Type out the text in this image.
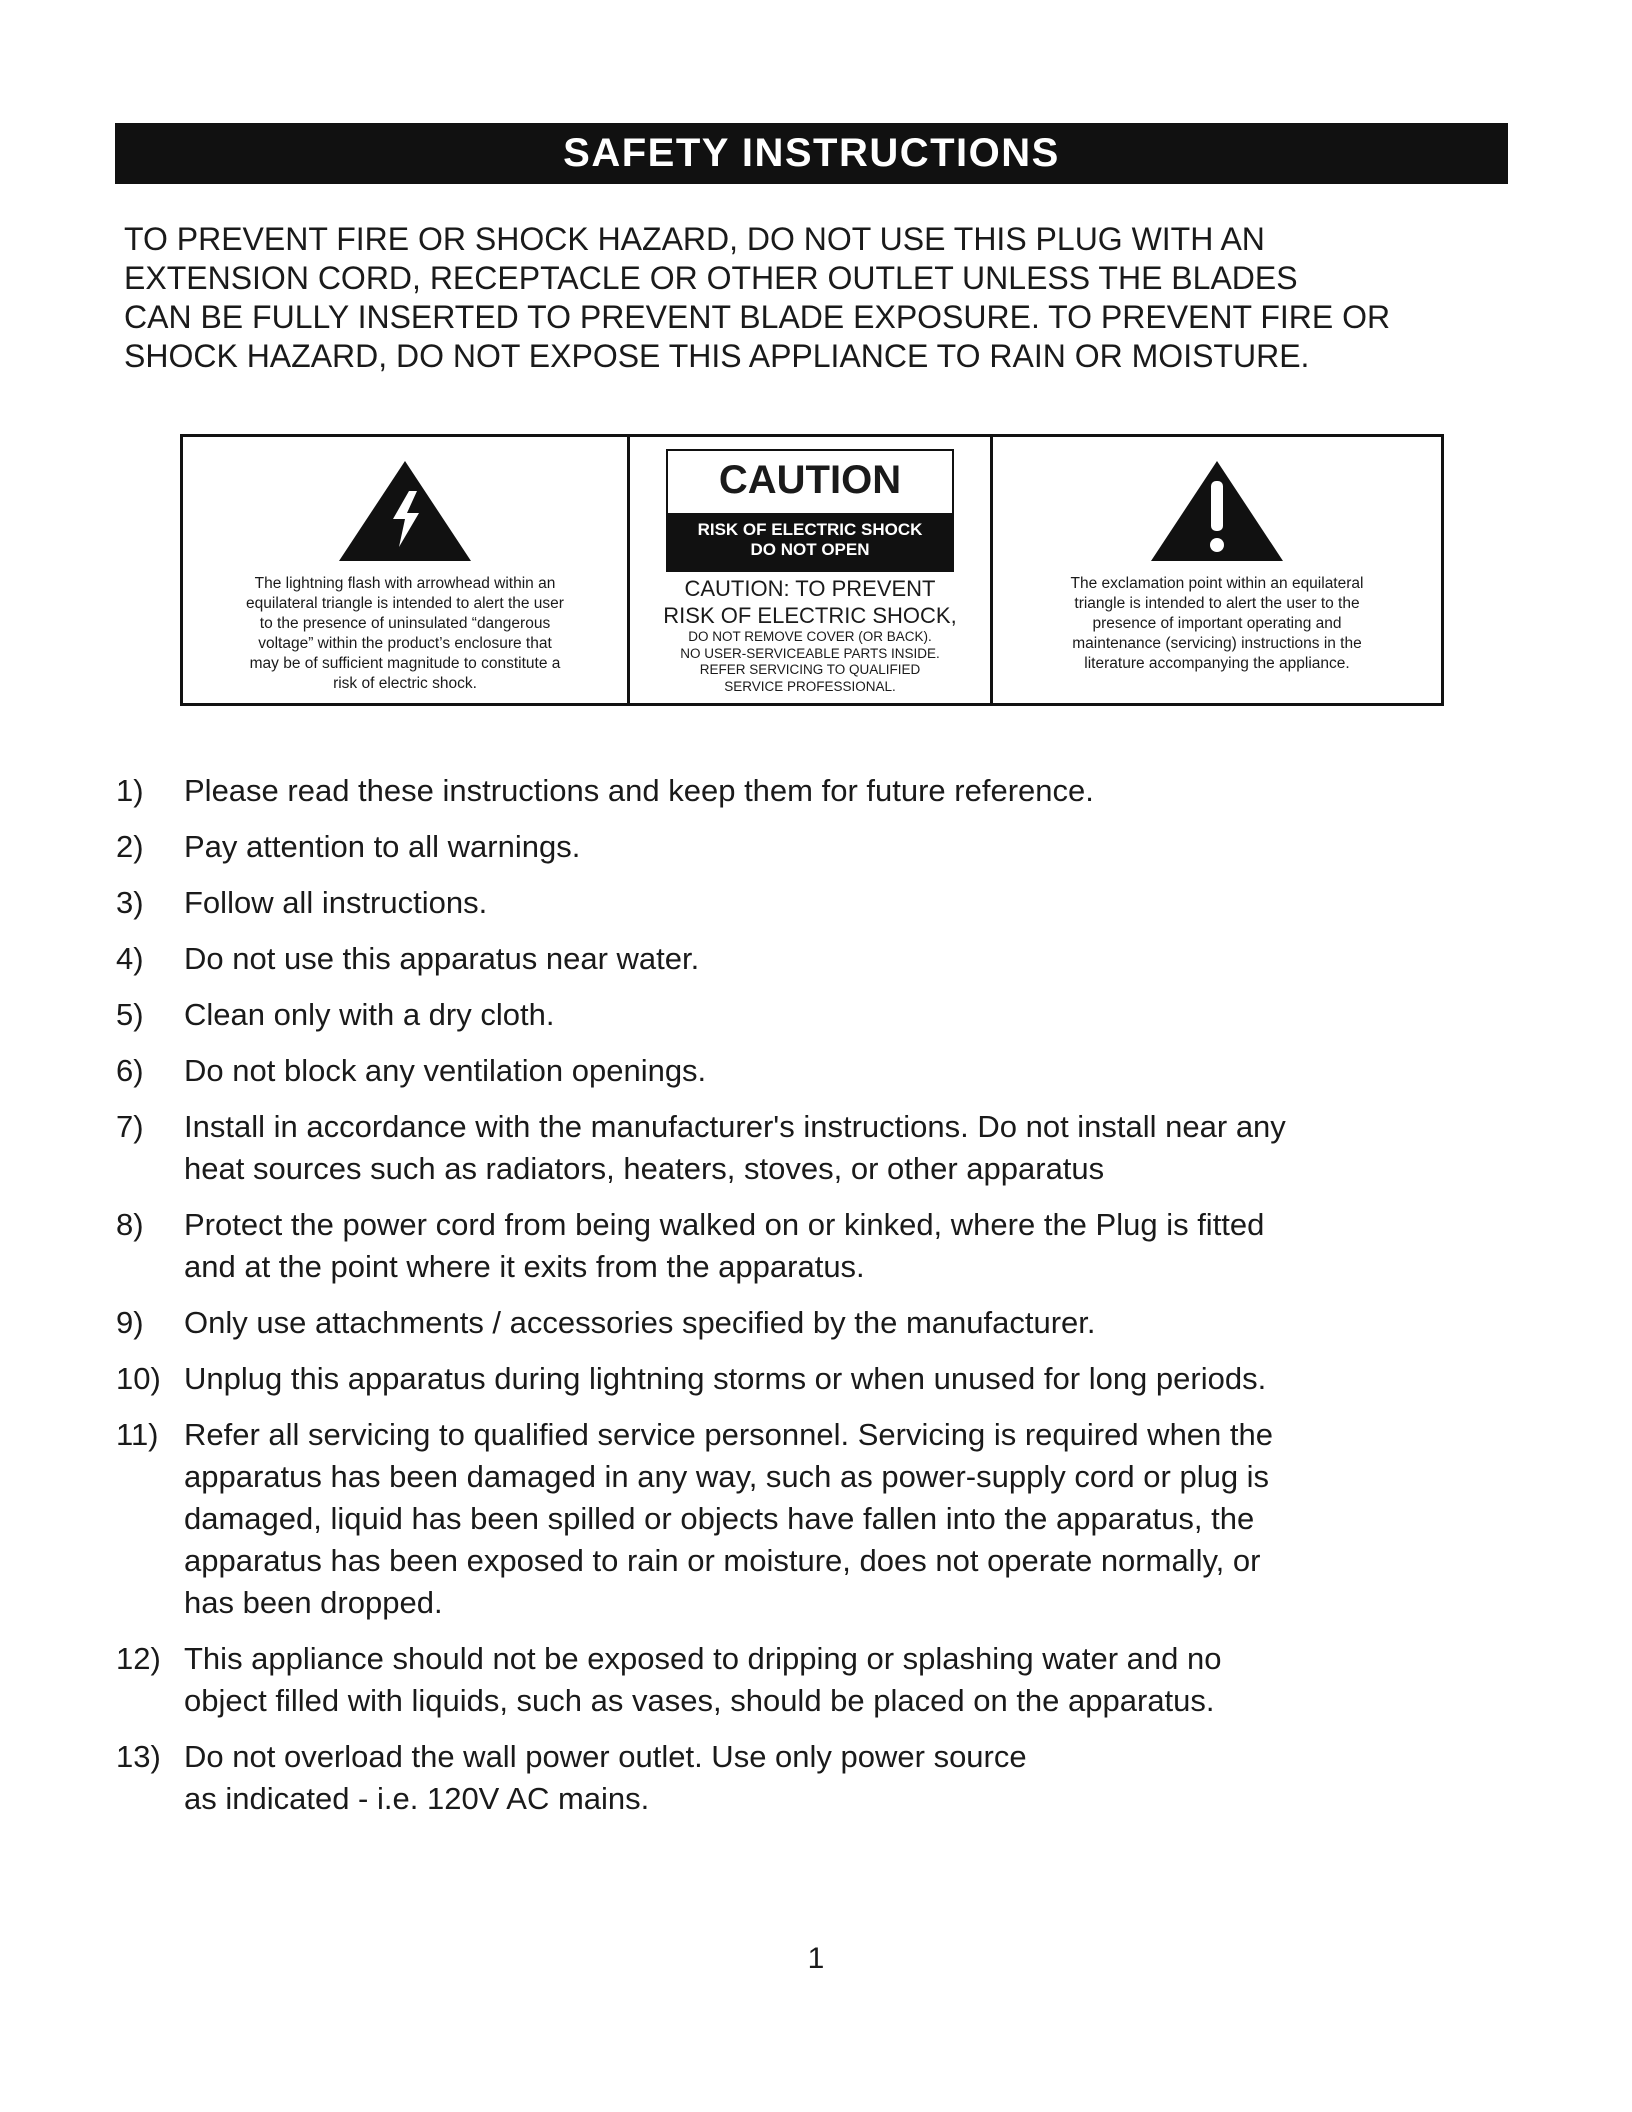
SAFETY INSTRUCTIONS

TO PREVENT FIRE OR SHOCK HAZARD, DO NOT USE THIS PLUG WITH AN
EXTENSION CORD, RECEPTACLE OR OTHER OUTLET UNLESS THE BLADES
CAN BE FULLY INSERTED TO PREVENT BLADE EXPOSURE. TO PREVENT FIRE OR
SHOCK HAZARD, DO NOT EXPOSE THIS APPLIANCE TO RAIN OR MOISTURE.

The lightning flash with arrowhead within an
equilateral triangle is intended to alert the user
to the presence of uninsulated “dangerous
voltage” within the product’s enclosure that
may be of sufficient magnitude to constitute a
risk of electric shock.

CAUTION
RISK OF ELECTRIC SHOCK
DO NOT OPEN
CAUTION: TO PREVENT
RISK OF ELECTRIC SHOCK,
DO NOT REMOVE COVER (OR BACK).
NO USER-SERVICEABLE PARTS INSIDE.
REFER SERVICING TO QUALIFIED
SERVICE PROFESSIONAL.

The exclamation point within an equilateral
triangle is intended to alert the user to the
presence of important operating and
maintenance (servicing) instructions in the
literature accompanying the appliance.

1)	Please read these instructions and keep them for future reference.
2)	Pay attention to all warnings.
3)	Follow all instructions.
4)	Do not use this apparatus near water.
5)	Clean only with a dry cloth.
6)	Do not block any ventilation openings.
7)	Install in accordance with the manufacturer's instructions. Do not install near any
heat sources such as radiators, heaters, stoves, or other apparatus
8)	Protect the power cord from being walked on or kinked, where the Plug is fitted
and at the point where it exits from the apparatus.
9)	Only use attachments / accessories specified by the manufacturer.
10) Unplug this apparatus during lightning storms or when unused for long periods.
11) Refer all servicing to qualified service personnel. Servicing is required when the
apparatus has been damaged in any way, such as power-supply cord or plug is
damaged, liquid has been spilled or objects have fallen into the apparatus, the
apparatus has been exposed to rain or moisture, does not operate normally, or
has been dropped.
12) This appliance should not be exposed to dripping or splashing water and no
object filled with liquids, such as vases, should be placed on the apparatus.
13) Do not overload the wall power outlet. Use only power source
as indicated - i.e. 120V AC mains.
1
